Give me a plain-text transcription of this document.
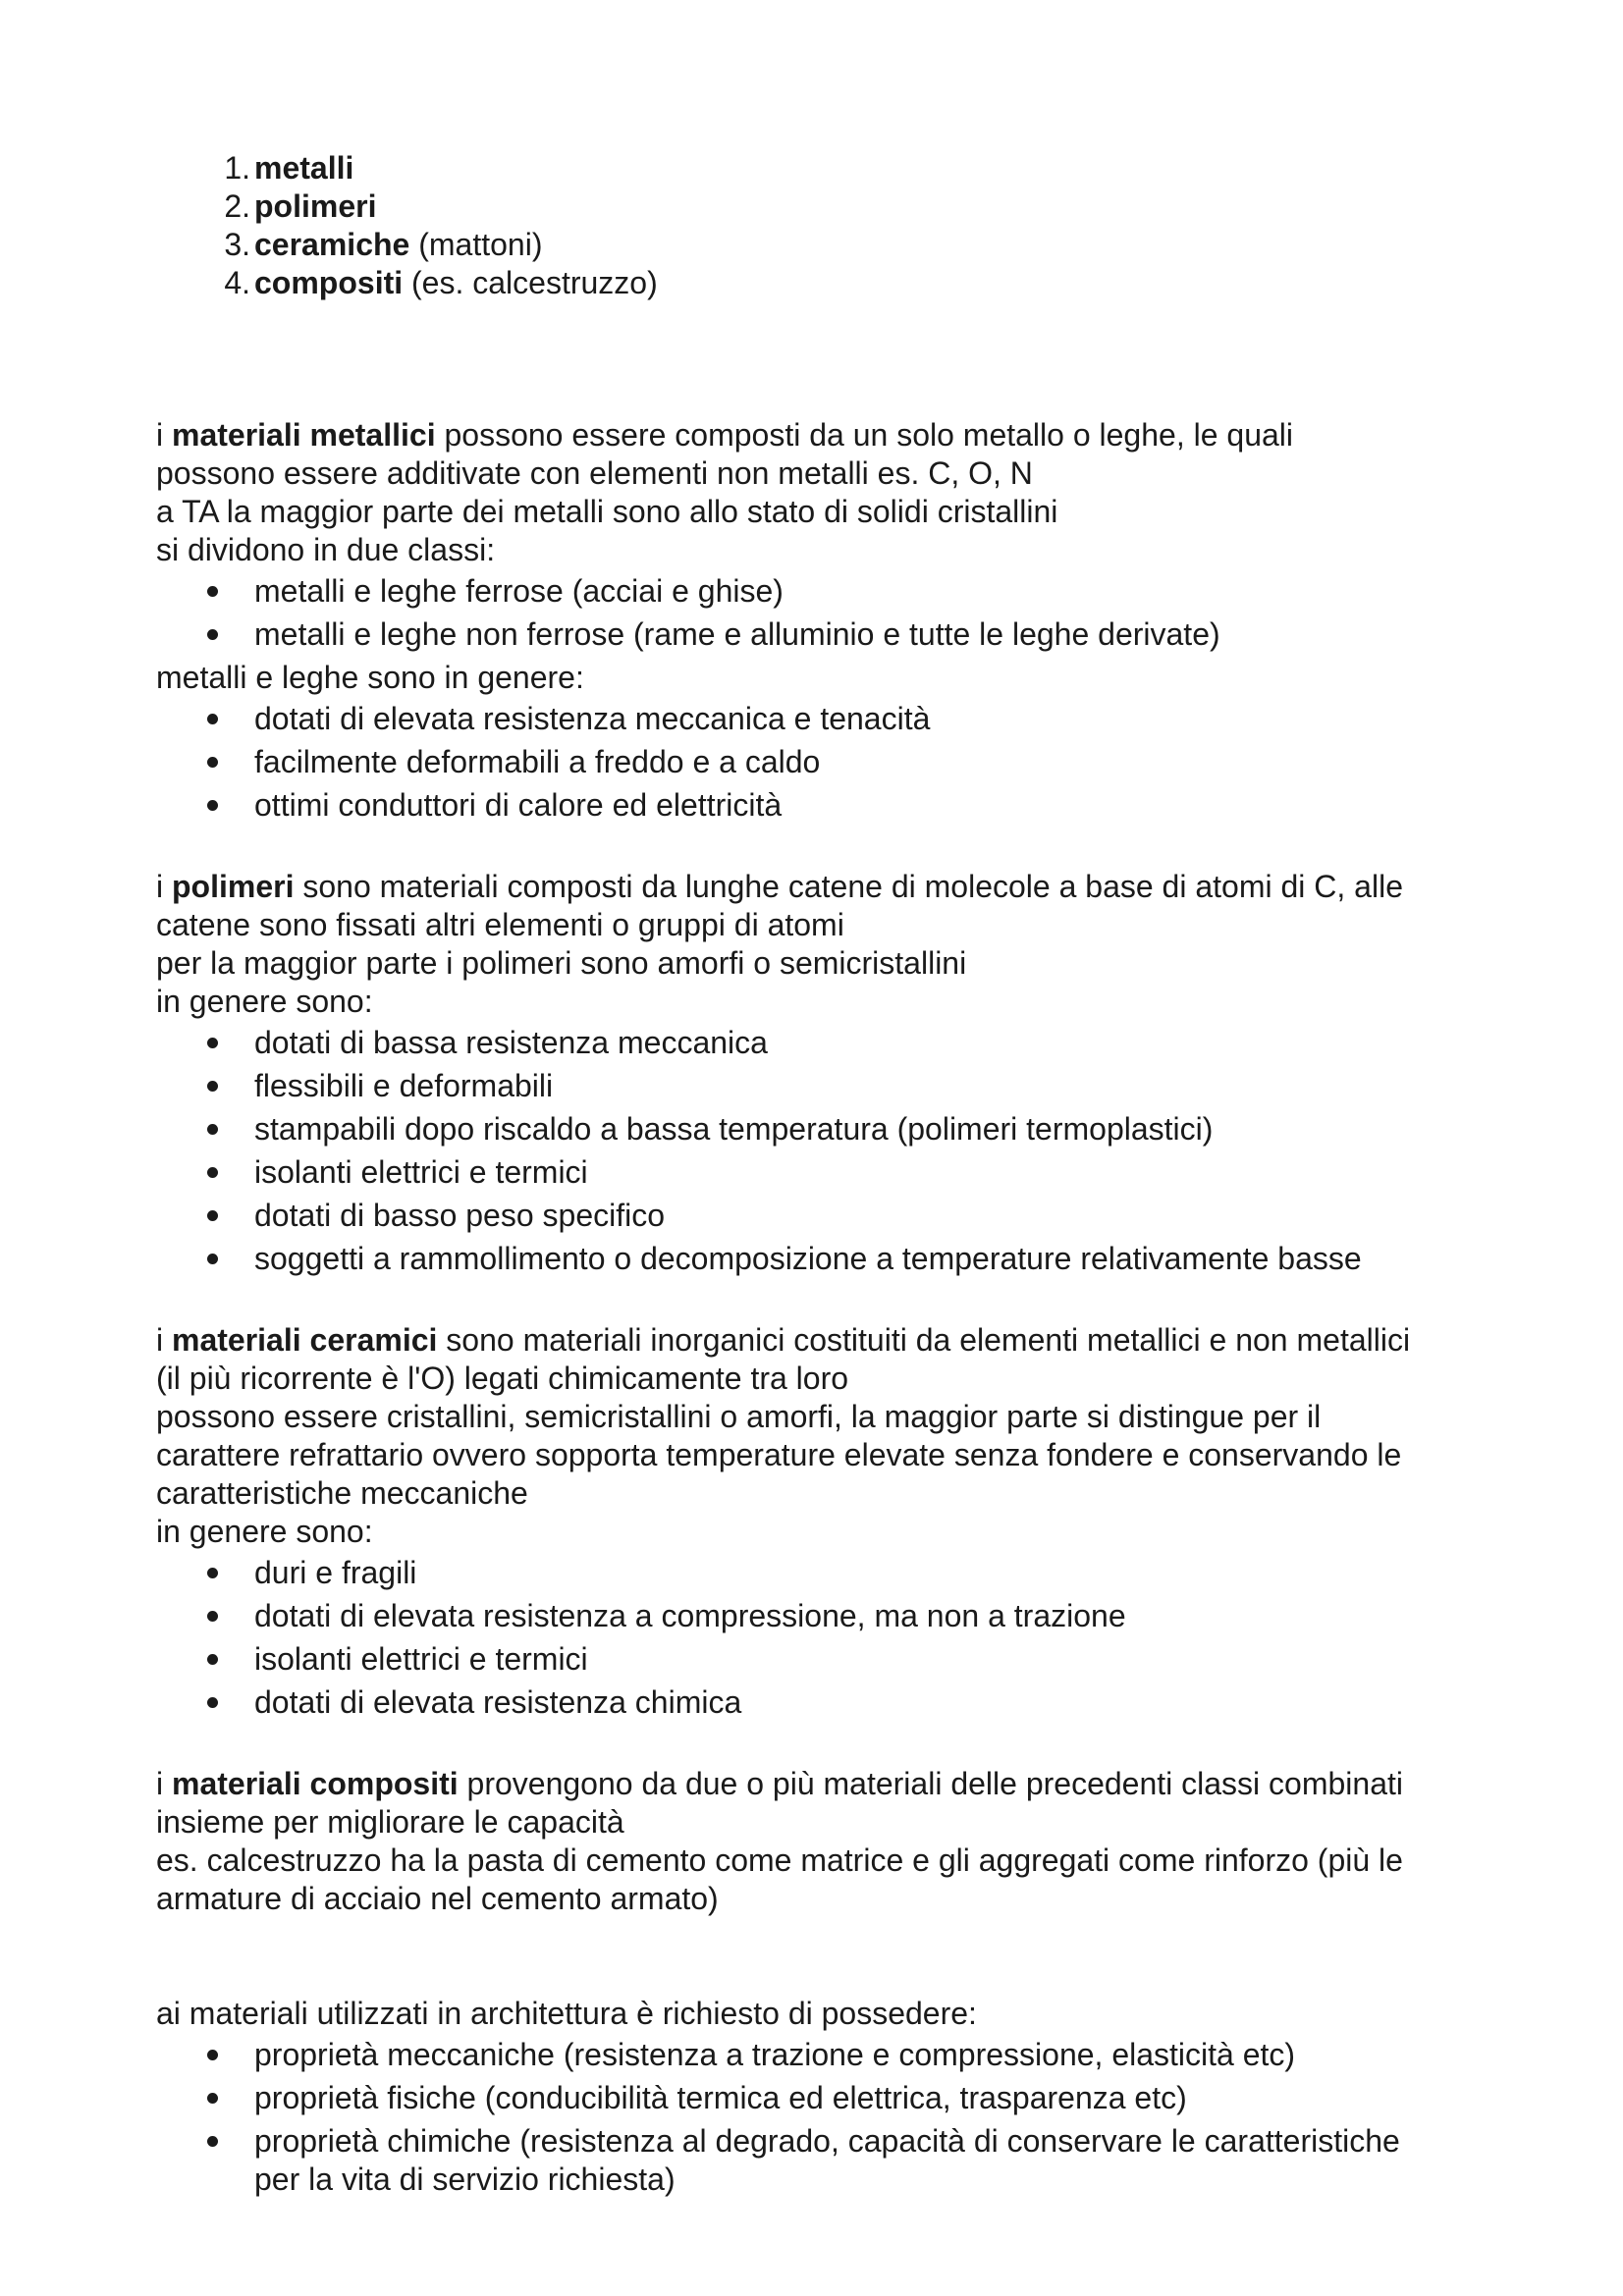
1. metalli
2. polimeri
3. ceramiche (mattoni)
4. compositi (es. calcestruzzo)

i materiali metallici possono essere composti da un solo metallo o leghe, le quali

possono essere additivate con elementi non metalli es. C, O, N

a TA la maggior parte dei metalli sono allo stato di solidi cristallini

si dividono in due classi:

metalli e leghe ferrose (acciai e ghise)
metalli e leghe non ferrose (rame e alluminio e tutte le leghe derivate)

metalli e leghe sono in genere:

dotati di elevata resistenza meccanica e tenacità
facilmente deformabili a freddo e a caldo
ottimi conduttori di calore ed elettricità

i polimeri sono materiali composti da lunghe catene di molecole a base di atomi di C, alle

catene sono fissati altri elementi o gruppi di atomi

per la maggior parte i polimeri sono amorfi o semicristallini

in genere sono:

dotati di bassa resistenza meccanica
flessibili e deformabili
stampabili dopo riscaldo a bassa temperatura (polimeri termoplastici)
isolanti elettrici e termici
dotati di basso peso specifico
soggetti a rammollimento o decomposizione a temperature relativamente basse

i materiali ceramici sono materiali inorganici costituiti da elementi metallici e non metallici

(il più ricorrente è l'O) legati chimicamente tra loro

possono essere cristallini, semicristallini o amorfi, la maggior parte si distingue per il

carattere refrattario ovvero sopporta temperature elevate senza fondere e conservando le

caratteristiche meccaniche

in genere sono:

duri e fragili
dotati di elevata resistenza a compressione, ma non a trazione
isolanti elettrici e termici
dotati di elevata resistenza chimica

i materiali compositi provengono da due o più materiali delle precedenti classi combinati

insieme per migliorare le capacità

es. calcestruzzo ha la pasta di cemento come matrice e gli aggregati come rinforzo (più le

armature di acciaio nel cemento armato)

ai materiali utilizzati in architettura è richiesto di possedere:

proprietà meccaniche (resistenza a trazione e compressione, elasticità etc)
proprietà fisiche (conducibilità termica ed elettrica, trasparenza etc)
proprietà chimiche (resistenza al degrado, capacità di conservare le caratteristiche
per la vita di servizio richiesta)
